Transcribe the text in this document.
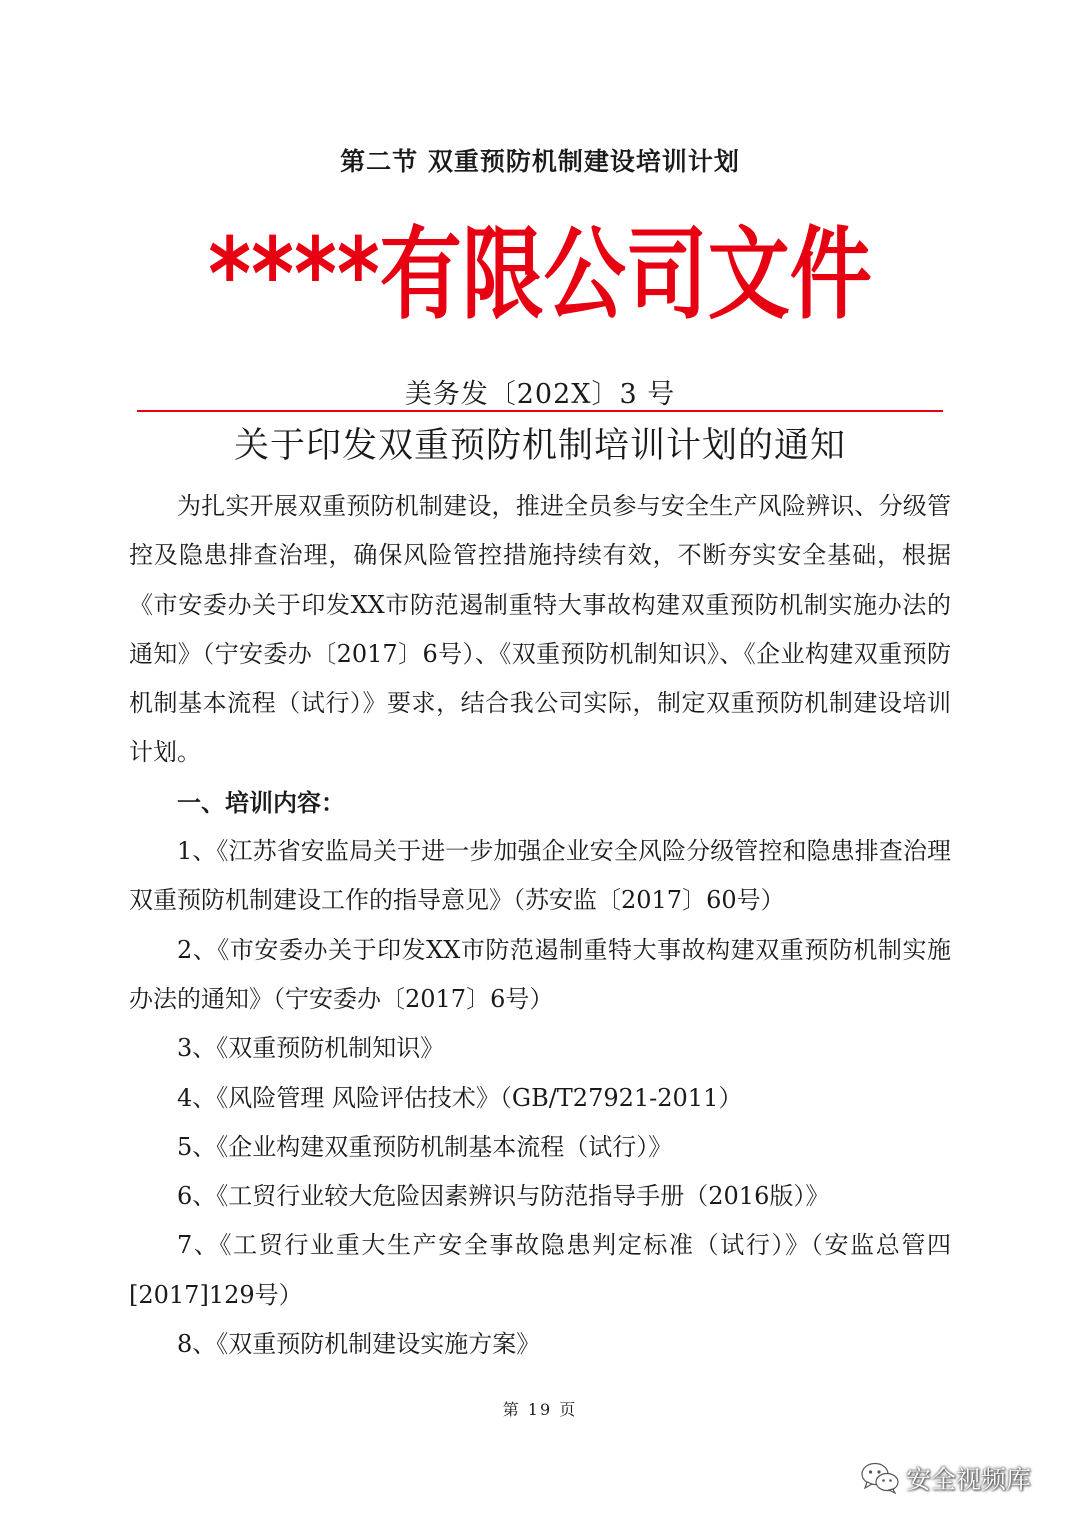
第二节 双重预防机制建设培训计划
****有限公司文件
美务发〔202X〕3 号
关于印发双重预防机制培训计划的通知

为扎实开展双重预防机制建设，推进全员参与安全生产风险辨识、分级管控及隐患排查治理，确保风险管控措施持续有效，不断夯实安全基础，根据《市安委办关于印发XX市防范遏制重特大事故构建双重预防机制实施办法的通知》（宁安委办〔2017〕6号）、《双重预防机制知识》、《企业构建双重预防机制基本流程（试行）》要求，结合我公司实际，制定双重预防机制建设培训计划。

一、培训内容：

1、《江苏省安监局关于进一步加强企业安全风险分级管控和隐患排查治理双重预防机制建设工作的指导意见》（苏安监〔2017〕60号）

2、《市安委办关于印发XX市防范遏制重特大事故构建双重预防机制实施办法的通知》（宁安委办〔2017〕6号）

3、《双重预防机制知识》

4、《风险管理 风险评估技术》（GB/T27921-2011）

5、《企业构建双重预防机制基本流程（试行）》

6、《工贸行业较大危险因素辨识与防范指导手册（2016版）》

7、《工贸行业重大生产安全事故隐患判定标准（试行）》（安监总管四[2017]129号）

8、《双重预防机制建设实施方案》

第 19 页
安全视频库
